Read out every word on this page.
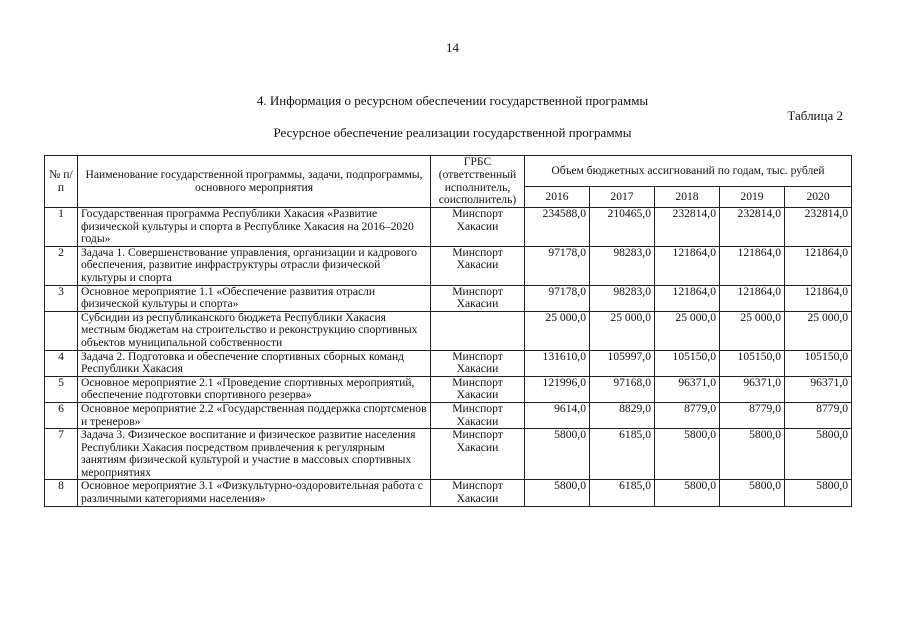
14
4. Информация о ресурсном обеспечении государственной программы
Таблица 2
Ресурсное обеспечение реализации государственной программы
№ п/п	Наименование государственной программы, задачи, подпрограммы, основного мероприятия	ГРБС (ответственный исполнитель, соисполнитель)	Объем бюджетных ассигнований по годам, тыс. рублей				
			2016	2017	2018	2019	2020
1	Государственная программа Республики Хакасия «Развитие физической культуры и спорта в Республике Хакасия на 2016–2020 годы»	Минспорт Хакасии	234588,0	210465,0	232814,0	232814,0	232814,0
2	Задача 1. Совершенствование управления, организации и кадрового обеспечения, развитие инфраструктуры отрасли физической культуры и спорта	Минспорт Хакасии	97178,0	98283,0	121864,0	121864,0	121864,0
3	Основное мероприятие 1.1 «Обеспечение развития отрасли физической культуры и спорта»	Минспорт Хакасии	97178,0	98283,0	121864,0	121864,0	121864,0
	Субсидии из республиканского бюджета Республики Хакасия местным бюджетам на строительство и реконструкцию спортивных объектов муниципальной собственности		25 000,0	25 000,0	25 000,0	25 000,0	25 000,0
4	Задача 2. Подготовка и обеспечение спортивных сборных команд Республики Хакасия	Минспорт Хакасии	131610,0	105997,0	105150,0	105150,0	105150,0
5	Основное мероприятие 2.1 «Проведение спортивных мероприятий, обеспечение подготовки спортивного резерва»	Минспорт Хакасии	121996,0	97168,0	96371,0	96371,0	96371,0
6	Основное мероприятие 2.2 «Государственная поддержка спортсменов и тренеров»	Минспорт Хакасии	9614,0	8829,0	8779,0	8779,0	8779,0
7	Задача 3. Физическое воспитание и физическое развитие населения Республики Хакасия посредством привлечения к регулярным занятиям физической культурой и участие в массовых спортивных мероприятиях	Минспорт Хакасии	5800,0	6185,0	5800,0	5800,0	5800,0
8	Основное мероприятие 3.1 «Физкультурно-оздоровительная работа с различными категориями населения»	Минспорт Хакасии	5800,0	6185,0	5800,0	5800,0	5800,0
